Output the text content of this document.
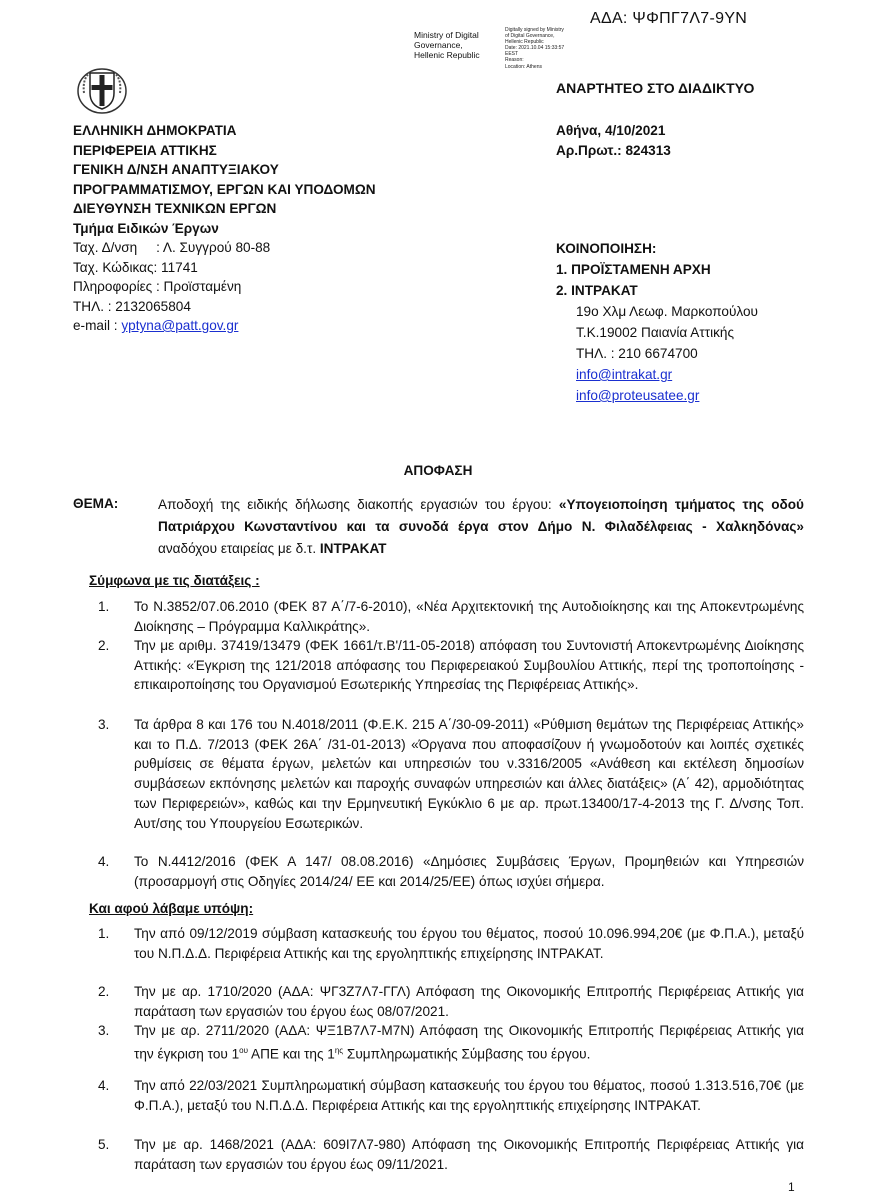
ΑΔΑ: ΨΦΠΓ7Λ7-9ΥΝ
Ministry of Digital
Governance,
Hellenic Republic
Digitally signed by Ministry
of Digital Governance,
Hellenic Republic
Date: 2021.10.04 15:33:57
EEST
Reason:
Location: Athens
ΑΝΑΡΤΗΤΕΟ ΣΤΟ ΔΙΑΔΙΚΤΥΟ
ΕΛΛΗΝΙΚΗ ΔΗΜΟΚΡΑΤΙΑ
ΠΕΡΙΦΕΡΕΙΑ ΑΤΤΙΚΗΣ
ΓΕΝΙΚΗ Δ/ΝΣΗ ΑΝΑΠΤΥΞΙΑΚΟΥ
ΠΡΟΓΡΑΜΜΑΤΙΣΜΟΥ, ΕΡΓΩΝ ΚΑΙ ΥΠΟΔΟΜΩΝ
ΔΙΕΥΘΥΝΣΗ ΤΕΧΝΙΚΩΝ ΕΡΓΩΝ
Τμήμα Ειδικών Έργων
Ταχ. Δ/νση     : Λ. Συγγρού 80-88
Ταχ. Κώδικας: 11741
Πληροφορίες : Προϊσταμένη
ΤΗΛ. : 2132065804
e-mail : yptyna@patt.gov.gr
Αθήνα, 4/10/2021
Αρ.Πρωτ.: 824313
ΚΟΙΝΟΠΟΙΗΣΗ:
1. ΠΡΟΪΣΤΑΜΕΝΗ ΑΡΧΗ
2. ΙΝΤΡΑΚΑΤ
19ο Χλμ Λεωφ. Μαρκοπούλου
Τ.Κ.19002 Παιανία Αττικής
ΤΗΛ. : 210 6674700
info@intrakat.gr
info@proteusatee.gr
ΑΠΟΦΑΣΗ
ΘΕΜΑ:	Αποδοχή της ειδικής δήλωσης διακοπής εργασιών του έργου: «Υπογειοποίηση τμήματος της οδού Πατριάρχου Κωνσταντίνου και τα συνοδά έργα στον Δήμο Ν. Φιλαδέλφειας - Χαλκηδόνας» αναδόχου εταιρείας με δ.τ. ΙΝΤΡΑΚΑΤ
Σύμφωνα με τις διατάξεις :
1. Το Ν.3852/07.06.2010 (ΦΕΚ 87 Α΄/7-6-2010), «Νέα Αρχιτεκτονική της Αυτοδιοίκησης και της Αποκεντρωμένης Διοίκησης – Πρόγραμμα Καλλικράτης».
2. Την με αριθμ. 37419/13479 (ΦΕΚ 1661/τ.Β'/11-05-2018) απόφαση του Συντονιστή Αποκεντρωμένης Διοίκησης Αττικής: «Έγκριση της 121/2018 απόφασης του Περιφερειακού Συμβουλίου Αττικής, περί της τροποποίησης - επικαιροποίησης του Οργανισμού Εσωτερικής Υπηρεσίας της Περιφέρειας Αττικής».
3. Τα άρθρα 8 και 176 του Ν.4018/2011 (Φ.Ε.Κ. 215 Α΄/30-09-2011) «Ρύθμιση θεμάτων της Περιφέρειας Αττικής» και το Π.Δ. 7/2013 (ΦΕΚ 26Α΄ /31-01-2013) «Όργανα που αποφασίζουν ή γνωμοδοτούν και λοιπές σχετικές ρυθμίσεις σε θέματα έργων, μελετών και υπηρεσιών του ν.3316/2005 «Ανάθεση και εκτέλεση δημοσίων συμβάσεων εκπόνησης μελετών και παροχής συναφών υπηρεσιών και άλλες διατάξεις» (Α΄ 42), αρμοδιότητας των Περιφερειών», καθώς και την Ερμηνευτική Εγκύκλιο 6 με αρ. πρωτ.13400/17-4-2013 της Γ. Δ/νσης Τοπ. Αυτ/σης του Υπουργείου Εσωτερικών.
4. Το Ν.4412/2016 (ΦΕΚ Α 147/ 08.08.2016) «Δημόσιες Συμβάσεις Έργων, Προμηθειών και Υπηρεσιών (προσαρμογή στις Οδηγίες 2014/24/ ΕΕ και 2014/25/ΕΕ) όπως ισχύει σήμερα.
Και αφού λάβαμε υπόψη:
1. Την από 09/12/2019 σύμβαση κατασκευής του έργου του θέματος, ποσού 10.096.994,20€ (με Φ.Π.Α.), μεταξύ του Ν.Π.Δ.Δ. Περιφέρεια Αττικής και της εργοληπτικής επιχείρησης ΙΝΤΡΑΚΑΤ.
2. Την με αρ. 1710/2020 (ΑΔΑ: ΨΓ3Ζ7Λ7-ΓΓΛ) Απόφαση της Οικονομικής Επιτροπής Περιφέρειας Αττικής για παράταση των εργασιών του έργου έως 08/07/2021.
3. Την με αρ. 2711/2020 (ΑΔΑ: ΨΞ1Β7Λ7-Μ7Ν) Απόφαση της Οικονομικής Επιτροπής Περιφέρειας Αττικής για την έγκριση του $1^{o\upsilon}$ ΑΠΕ και της $1^{\eta\varsigma}$ Συμπληρωματικής Σύμβασης του έργου.
4. Την από 22/03/2021 Συμπληρωματική σύμβαση κατασκευής του έργου του θέματος, ποσού 1.313.516,70€ (με Φ.Π.Α.), μεταξύ του Ν.Π.Δ.Δ. Περιφέρεια Αττικής και της εργοληπτικής επιχείρησης ΙΝΤΡΑΚΑΤ.
5. Την με αρ. 1468/2021 (ΑΔΑ: 609Ι7Λ7-980) Απόφαση της Οικονομικής Επιτροπής Περιφέρειας Αττικής για παράταση των εργασιών του έργου έως 09/11/2021.
1
